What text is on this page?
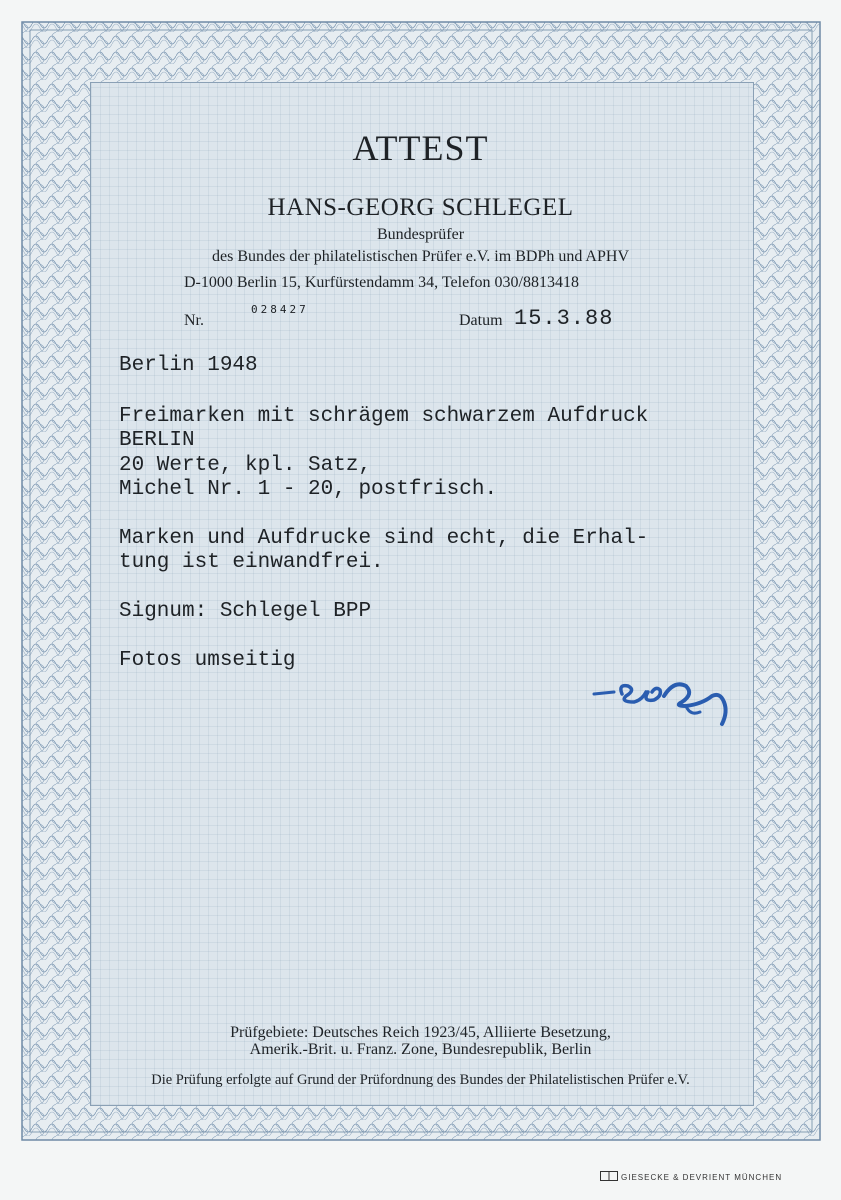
ATTEST
HANS-GEORG SCHLEGEL
Bundesprüfer
des Bundes der philatelistischen Prüfer e.V. im BDPh und APHV
D-1000 Berlin 15, Kurfürstendamm 34, Telefon 030/8813418
Nr.
028427
Datum 15.3.88
Berlin 1948
Freimarken mit schrägem schwarzem Aufdruck
BERLIN
20 Werte, kpl. Satz,
Michel Nr. 1 - 20, postfrisch.
Marken und Aufdrucke sind echt, die Erhal-
tung ist einwandfrei.
Signum: Schlegel BPP
Fotos umseitig
Prüfgebiete: Deutsches Reich 1923/45, Alliierte Besetzung,
Amerik.-Brit. u. Franz. Zone, Bundesrepublik, Berlin
Die Prüfung erfolgte auf Grund der Prüfordnung des Bundes der Philatelistischen Prüfer e.V.
GIESECKE & DEVRIENT MÜNCHEN
